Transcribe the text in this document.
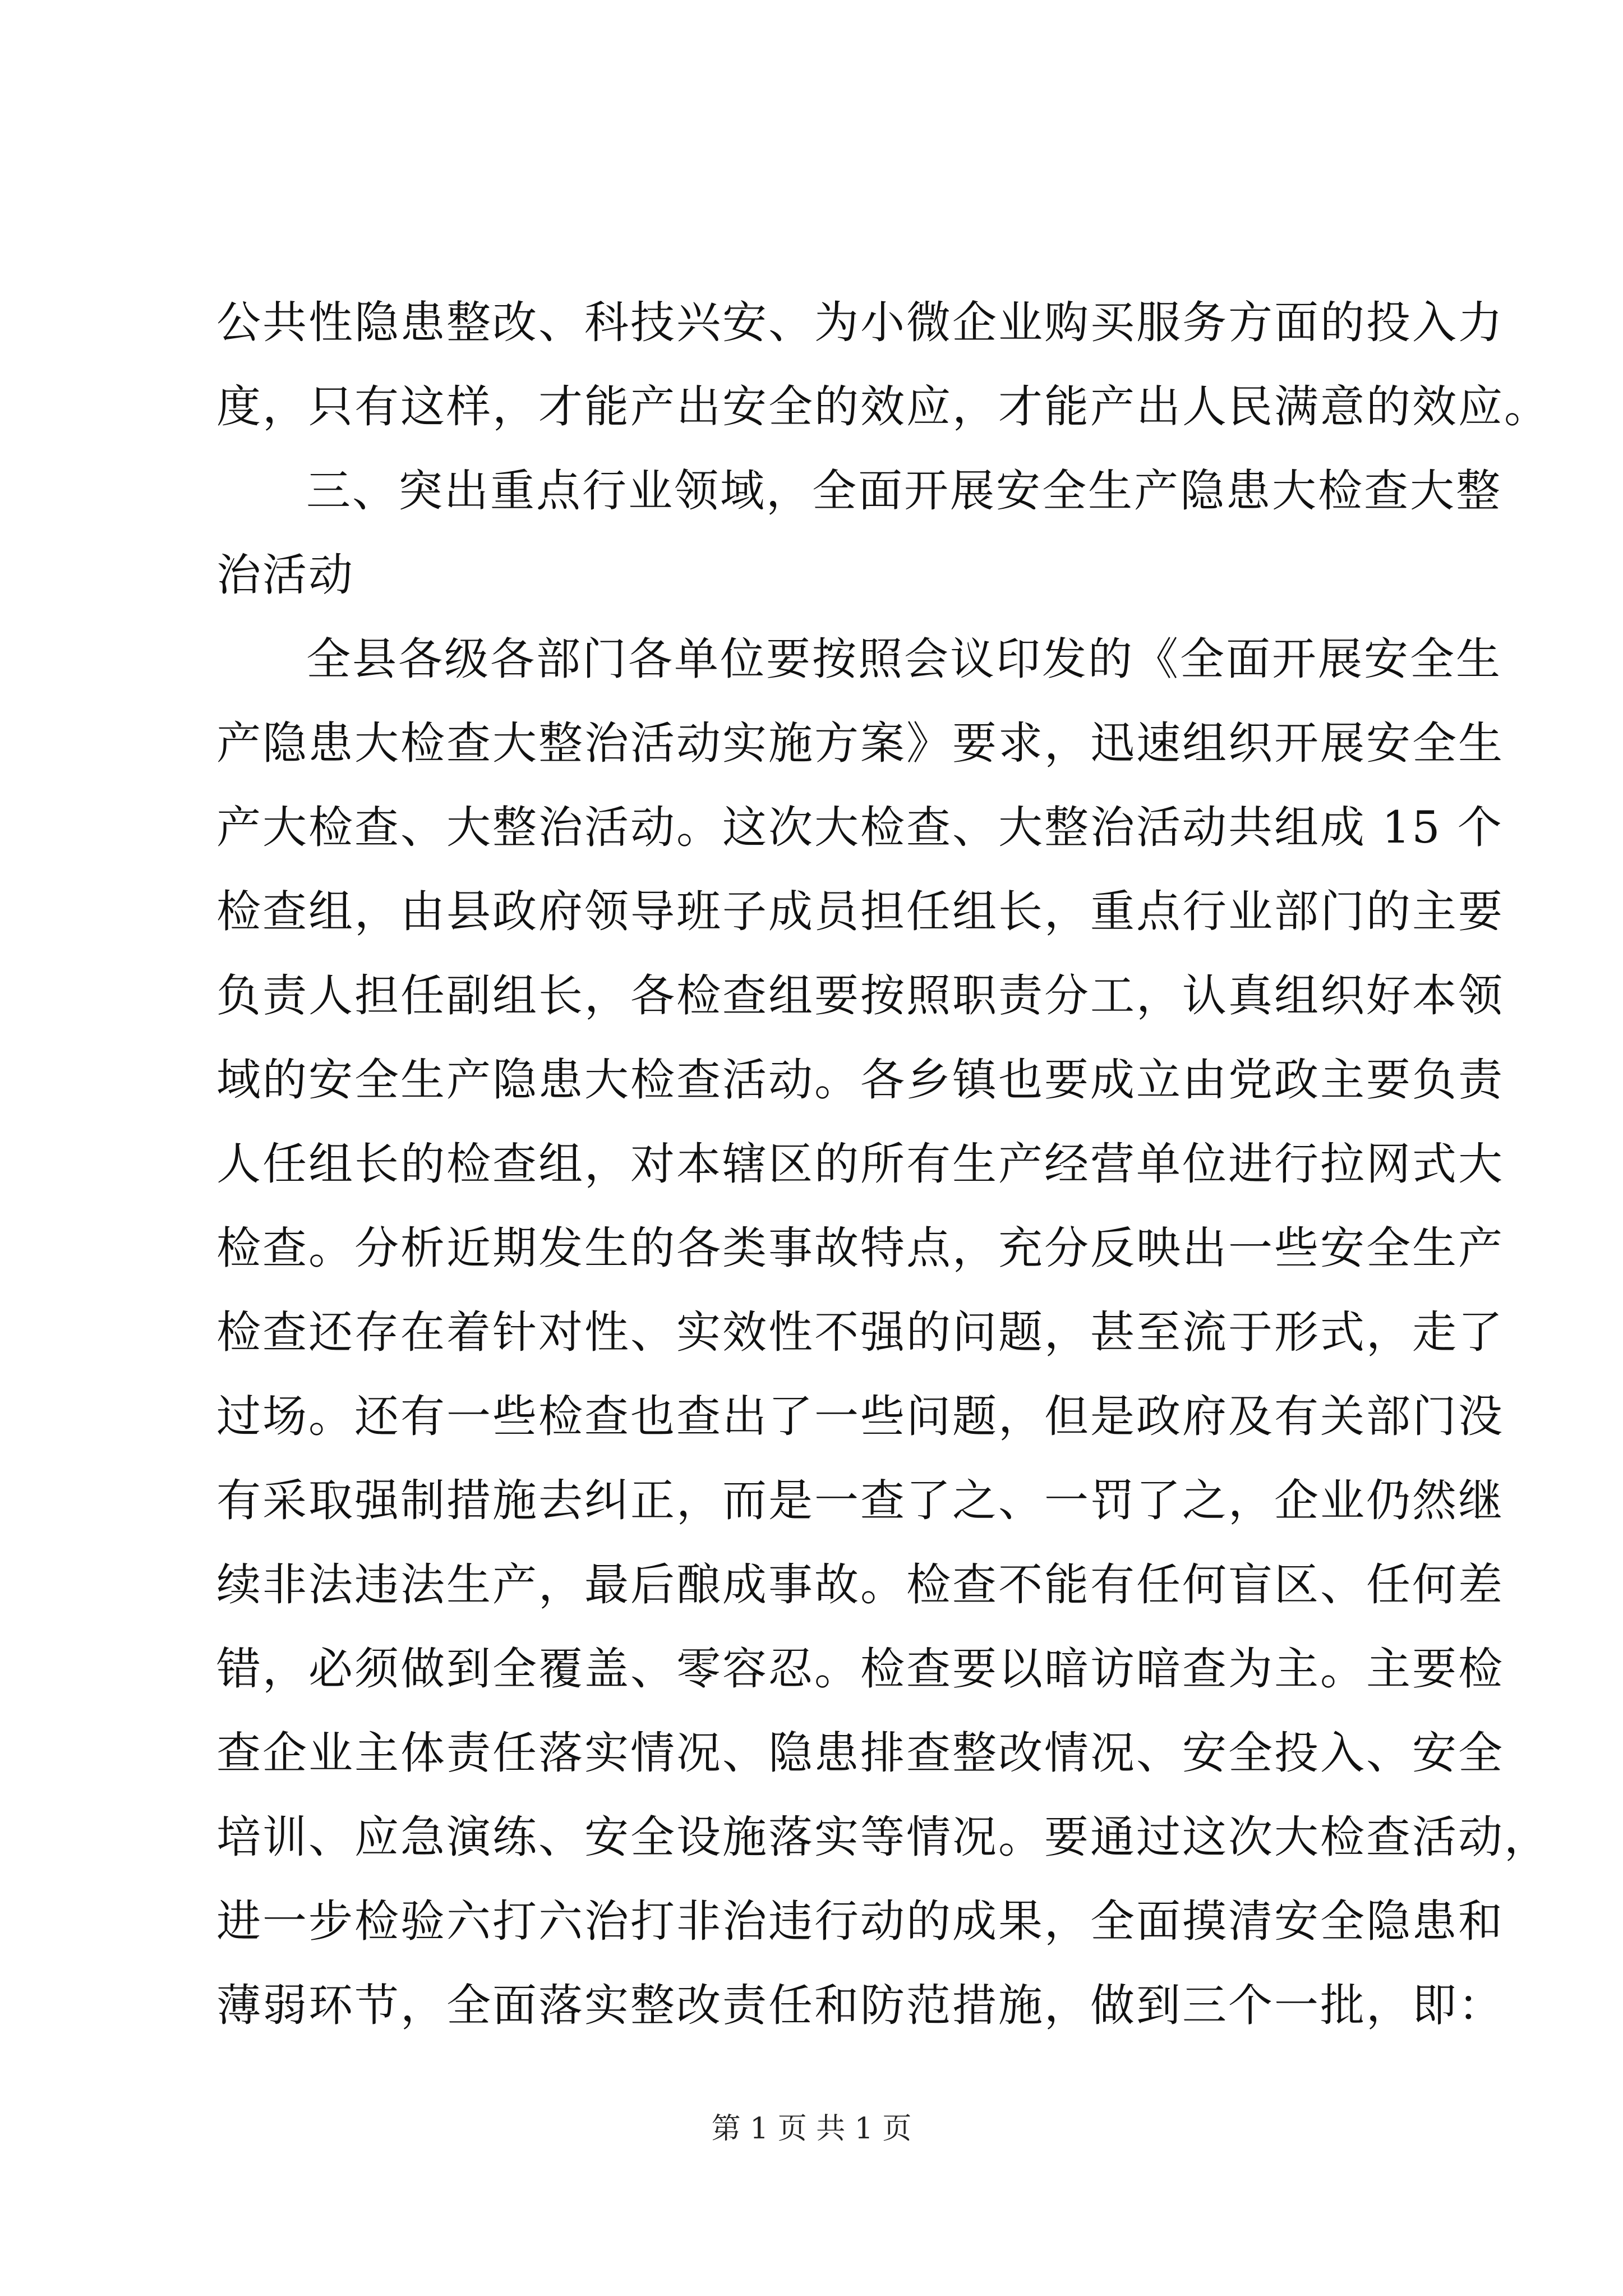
公共性隐患整改、科技兴安、为小微企业购买服务方面的投入力
度，只有这样，才能产出安全的效应，才能产出人民满意的效应。
三、突出重点行业领域，全面开展安全生产隐患大检查大整
治活动
全县各级各部门各单位要按照会议印发的《全面开展安全生
产隐患大检查大整治活动实施方案》要求，迅速组织开展安全生
产大检查、大整治活动。这次大检查、大整治活动共组成 15 个
检查组，由县政府领导班子成员担任组长，重点行业部门的主要
负责人担任副组长，各检查组要按照职责分工，认真组织好本领
域的安全生产隐患大检查活动。各乡镇也要成立由党政主要负责
人任组长的检查组，对本辖区的所有生产经营单位进行拉网式大
检查。分析近期发生的各类事故特点，充分反映出一些安全生产
检查还存在着针对性、实效性不强的问题，甚至流于形式，走了
过场。还有一些检查也查出了一些问题，但是政府及有关部门没
有采取强制措施去纠正，而是一查了之、一罚了之，企业仍然继
续非法违法生产，最后酿成事故。检查不能有任何盲区、任何差
错，必须做到全覆盖、零容忍。检查要以暗访暗查为主。主要检
查企业主体责任落实情况、隐患排查整改情况、安全投入、安全
培训、应急演练、安全设施落实等情况。要通过这次大检查活动，
进一步检验六打六治打非治违行动的成果，全面摸清安全隐患和
薄弱环节，全面落实整改责任和防范措施，做到三个一批，即：
第 1 页 共 1 页
